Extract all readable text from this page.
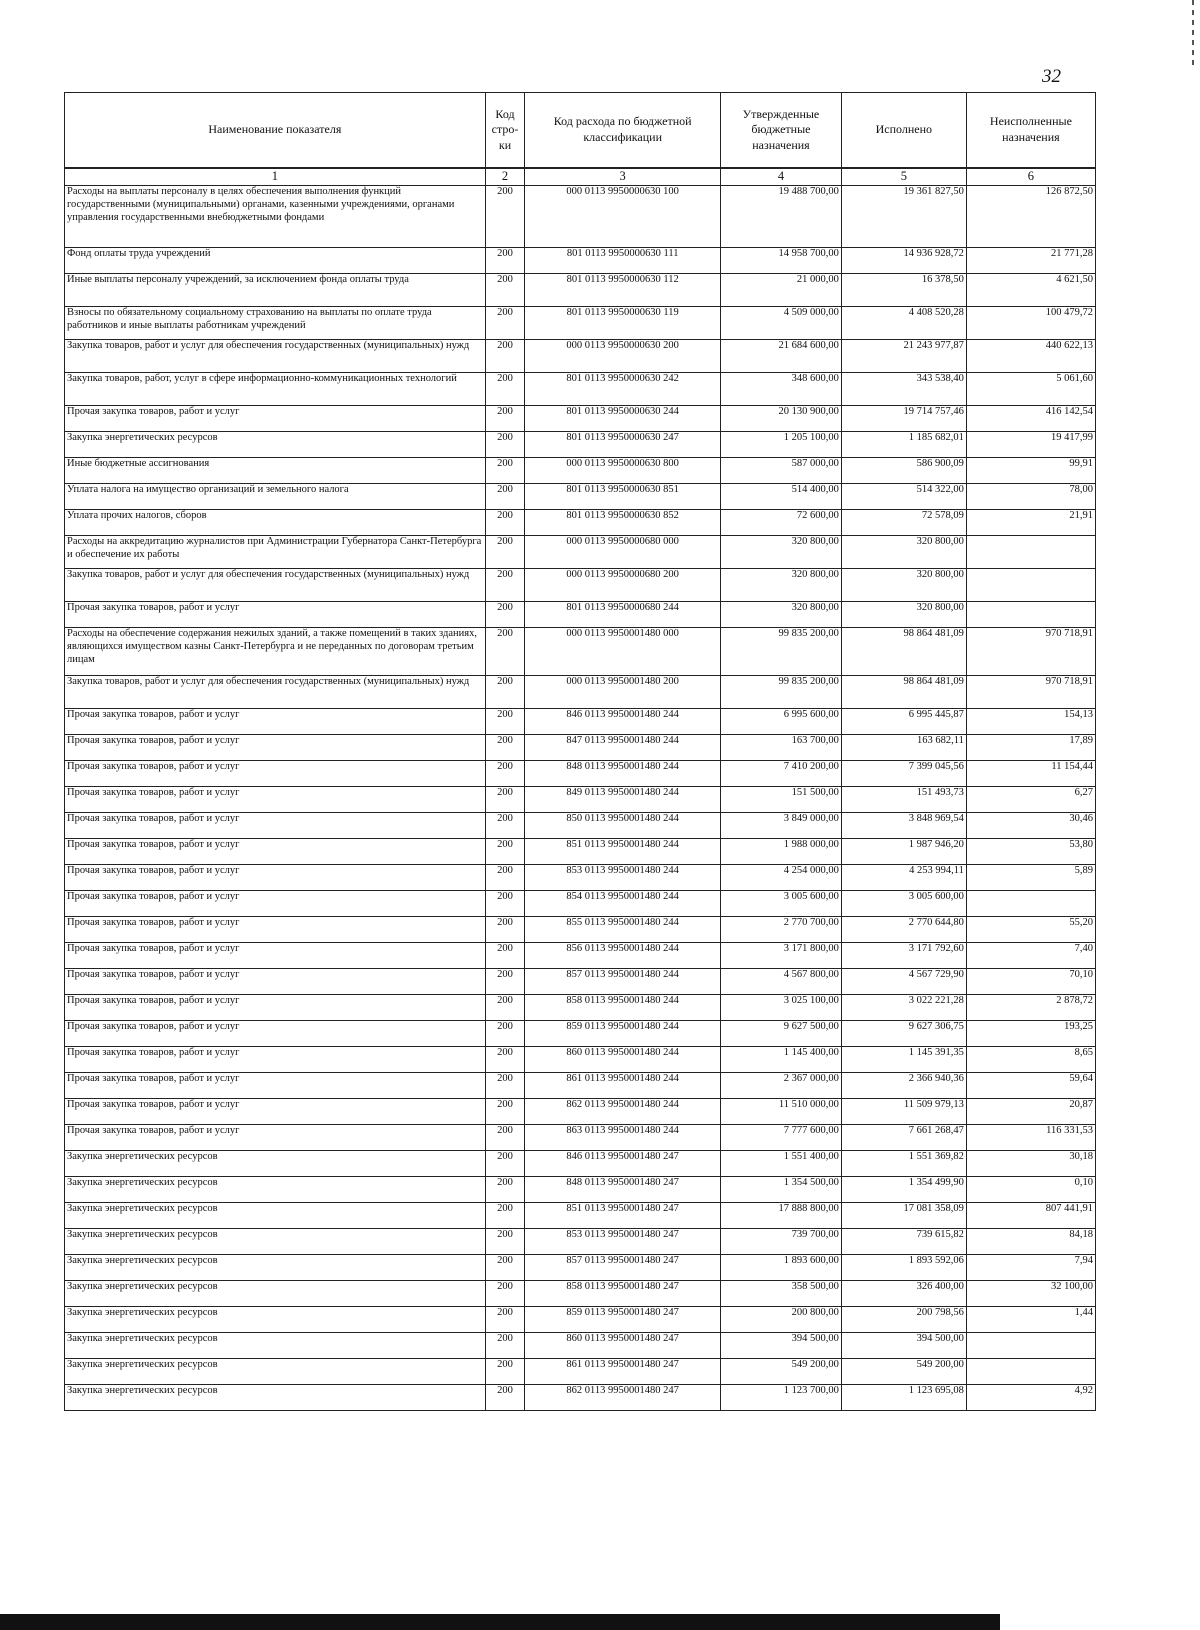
32
Наименование показателя	Код стро-ки	Код расхода по бюджетной классификации	Утвержденные бюджетные назначения	Исполнено	Неисполненные назначения
1	2	3	4	5	6
Расходы на выплаты персоналу в целях обеспечения выполнения функций государственными (муниципальными) органами, казенными учреждениями, органами управления государственными внебюджетными фондами	200	000 0113 9950000630 100	19 488 700,00	19 361 827,50	126 872,50
Фонд оплаты труда учреждений	200	801 0113 9950000630 111	14 958 700,00	14 936 928,72	21 771,28
Иные выплаты персоналу учреждений, за исключением фонда оплаты труда	200	801 0113 9950000630 112	21 000,00	16 378,50	4 621,50
Взносы по обязательному социальному страхованию на выплаты по оплате труда работников и иные выплаты работникам учреждений	200	801 0113 9950000630 119	4 509 000,00	4 408 520,28	100 479,72
Закупка товаров, работ и услуг для обеспечения государственных (муниципальных) нужд	200	000 0113 9950000630 200	21 684 600,00	21 243 977,87	440 622,13
Закупка товаров, работ, услуг в сфере информационно-коммуникационных технологий	200	801 0113 9950000630 242	348 600,00	343 538,40	5 061,60
Прочая закупка товаров, работ и услуг	200	801 0113 9950000630 244	20 130 900,00	19 714 757,46	416 142,54
Закупка энергетических ресурсов	200	801 0113 9950000630 247	1 205 100,00	1 185 682,01	19 417,99
Иные бюджетные ассигнования	200	000 0113 9950000630 800	587 000,00	586 900,09	99,91
Уплата налога на имущество организаций и земельного налога	200	801 0113 9950000630 851	514 400,00	514 322,00	78,00
Уплата прочих налогов, сборов	200	801 0113 9950000630 852	72 600,00	72 578,09	21,91
Расходы на аккредитацию журналистов при Администрации Губернатора Санкт-Петербурга и обеспечение их работы	200	000 0113 9950000680 000	320 800,00	320 800,00	
Закупка товаров, работ и услуг для обеспечения государственных (муниципальных) нужд	200	000 0113 9950000680 200	320 800,00	320 800,00	
Прочая закупка товаров, работ и услуг	200	801 0113 9950000680 244	320 800,00	320 800,00	
Расходы на обеспечение содержания нежилых зданий, а также помещений в таких зданиях, являющихся имуществом казны Санкт-Петербурга и не переданных по договорам третьим лицам	200	000 0113 9950001480 000	99 835 200,00	98 864 481,09	970 718,91
Закупка товаров, работ и услуг для обеспечения государственных (муниципальных) нужд	200	000 0113 9950001480 200	99 835 200,00	98 864 481,09	970 718,91
Прочая закупка товаров, работ и услуг	200	846 0113 9950001480 244	6 995 600,00	6 995 445,87	154,13
Прочая закупка товаров, работ и услуг	200	847 0113 9950001480 244	163 700,00	163 682,11	17,89
Прочая закупка товаров, работ и услуг	200	848 0113 9950001480 244	7 410 200,00	7 399 045,56	11 154,44
Прочая закупка товаров, работ и услуг	200	849 0113 9950001480 244	151 500,00	151 493,73	6,27
Прочая закупка товаров, работ и услуг	200	850 0113 9950001480 244	3 849 000,00	3 848 969,54	30,46
Прочая закупка товаров, работ и услуг	200	851 0113 9950001480 244	1 988 000,00	1 987 946,20	53,80
Прочая закупка товаров, работ и услуг	200	853 0113 9950001480 244	4 254 000,00	4 253 994,11	5,89
Прочая закупка товаров, работ и услуг	200	854 0113 9950001480 244	3 005 600,00	3 005 600,00	
Прочая закупка товаров, работ и услуг	200	855 0113 9950001480 244	2 770 700,00	2 770 644,80	55,20
Прочая закупка товаров, работ и услуг	200	856 0113 9950001480 244	3 171 800,00	3 171 792,60	7,40
Прочая закупка товаров, работ и услуг	200	857 0113 9950001480 244	4 567 800,00	4 567 729,90	70,10
Прочая закупка товаров, работ и услуг	200	858 0113 9950001480 244	3 025 100,00	3 022 221,28	2 878,72
Прочая закупка товаров, работ и услуг	200	859 0113 9950001480 244	9 627 500,00	9 627 306,75	193,25
Прочая закупка товаров, работ и услуг	200	860 0113 9950001480 244	1 145 400,00	1 145 391,35	8,65
Прочая закупка товаров, работ и услуг	200	861 0113 9950001480 244	2 367 000,00	2 366 940,36	59,64
Прочая закупка товаров, работ и услуг	200	862 0113 9950001480 244	11 510 000,00	11 509 979,13	20,87
Прочая закупка товаров, работ и услуг	200	863 0113 9950001480 244	7 777 600,00	7 661 268,47	116 331,53
Закупка энергетических ресурсов	200	846 0113 9950001480 247	1 551 400,00	1 551 369,82	30,18
Закупка энергетических ресурсов	200	848 0113 9950001480 247	1 354 500,00	1 354 499,90	0,10
Закупка энергетических ресурсов	200	851 0113 9950001480 247	17 888 800,00	17 081 358,09	807 441,91
Закупка энергетических ресурсов	200	853 0113 9950001480 247	739 700,00	739 615,82	84,18
Закупка энергетических ресурсов	200	857 0113 9950001480 247	1 893 600,00	1 893 592,06	7,94
Закупка энергетических ресурсов	200	858 0113 9950001480 247	358 500,00	326 400,00	32 100,00
Закупка энергетических ресурсов	200	859 0113 9950001480 247	200 800,00	200 798,56	1,44
Закупка энергетических ресурсов	200	860 0113 9950001480 247	394 500,00	394 500,00	
Закупка энергетических ресурсов	200	861 0113 9950001480 247	549 200,00	549 200,00	
Закупка энергетических ресурсов	200	862 0113 9950001480 247	1 123 700,00	1 123 695,08	4,92
